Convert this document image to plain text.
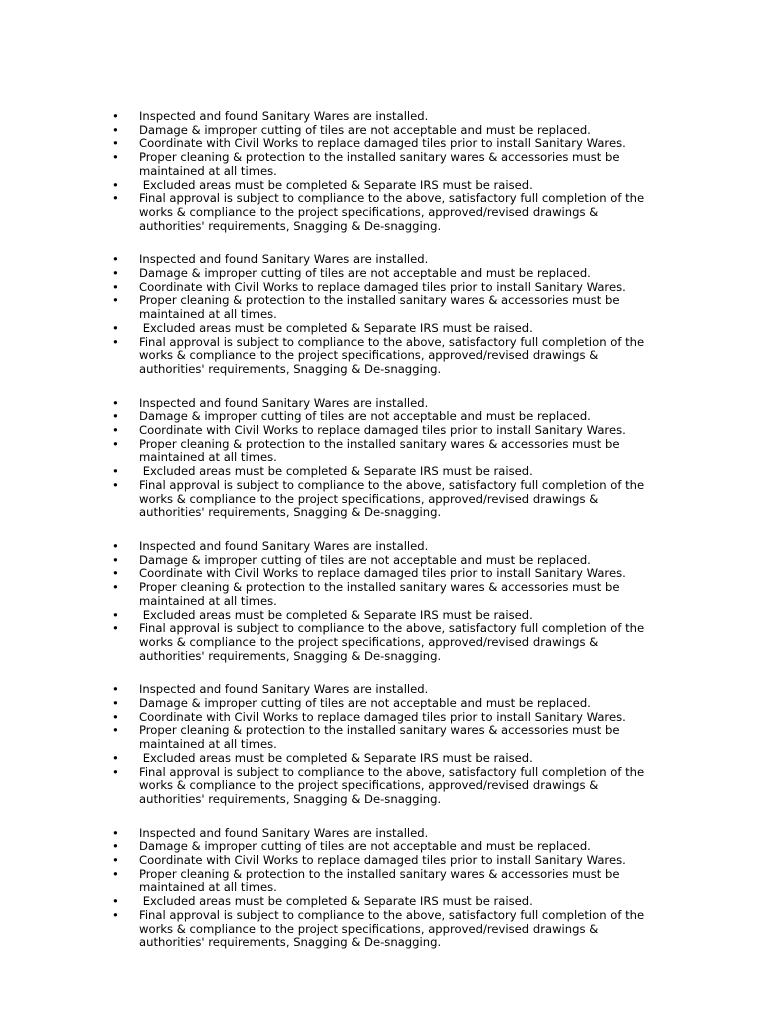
• Inspected and found Sanitary Wares are installed.
• Damage & improper cutting of tiles are not acceptable and must be replaced.
• Coordinate with Civil Works to replace damaged tiles prior to install Sanitary Wares.
• Proper cleaning & protection to the installed sanitary wares & accessories must be maintained at all times.
• Excluded areas must be completed & Separate IRS must be raised.
• Final approval is subject to compliance to the above, satisfactory full completion of the works & compliance to the project specifications, approved/revised drawings & authorities' requirements, Snagging & De-snagging.
• Inspected and found Sanitary Wares are installed.
• Damage & improper cutting of tiles are not acceptable and must be replaced.
• Coordinate with Civil Works to replace damaged tiles prior to install Sanitary Wares.
• Proper cleaning & protection to the installed sanitary wares & accessories must be maintained at all times.
• Excluded areas must be completed & Separate IRS must be raised.
• Final approval is subject to compliance to the above, satisfactory full completion of the works & compliance to the project specifications, approved/revised drawings & authorities' requirements, Snagging & De-snagging.
• Inspected and found Sanitary Wares are installed.
• Damage & improper cutting of tiles are not acceptable and must be replaced.
• Coordinate with Civil Works to replace damaged tiles prior to install Sanitary Wares.
• Proper cleaning & protection to the installed sanitary wares & accessories must be maintained at all times.
• Excluded areas must be completed & Separate IRS must be raised.
• Final approval is subject to compliance to the above, satisfactory full completion of the works & compliance to the project specifications, approved/revised drawings & authorities' requirements, Snagging & De-snagging.
• Inspected and found Sanitary Wares are installed.
• Damage & improper cutting of tiles are not acceptable and must be replaced.
• Coordinate with Civil Works to replace damaged tiles prior to install Sanitary Wares.
• Proper cleaning & protection to the installed sanitary wares & accessories must be maintained at all times.
• Excluded areas must be completed & Separate IRS must be raised.
• Final approval is subject to compliance to the above, satisfactory full completion of the works & compliance to the project specifications, approved/revised drawings & authorities' requirements, Snagging & De-snagging.
• Inspected and found Sanitary Wares are installed.
• Damage & improper cutting of tiles are not acceptable and must be replaced.
• Coordinate with Civil Works to replace damaged tiles prior to install Sanitary Wares.
• Proper cleaning & protection to the installed sanitary wares & accessories must be maintained at all times.
• Excluded areas must be completed & Separate IRS must be raised.
• Final approval is subject to compliance to the above, satisfactory full completion of the works & compliance to the project specifications, approved/revised drawings & authorities' requirements, Snagging & De-snagging.
• Inspected and found Sanitary Wares are installed.
• Damage & improper cutting of tiles are not acceptable and must be replaced.
• Coordinate with Civil Works to replace damaged tiles prior to install Sanitary Wares.
• Proper cleaning & protection to the installed sanitary wares & accessories must be maintained at all times.
• Excluded areas must be completed & Separate IRS must be raised.
• Final approval is subject to compliance to the above, satisfactory full completion of the works & compliance to the project specifications, approved/revised drawings & authorities' requirements, Snagging & De-snagging.
